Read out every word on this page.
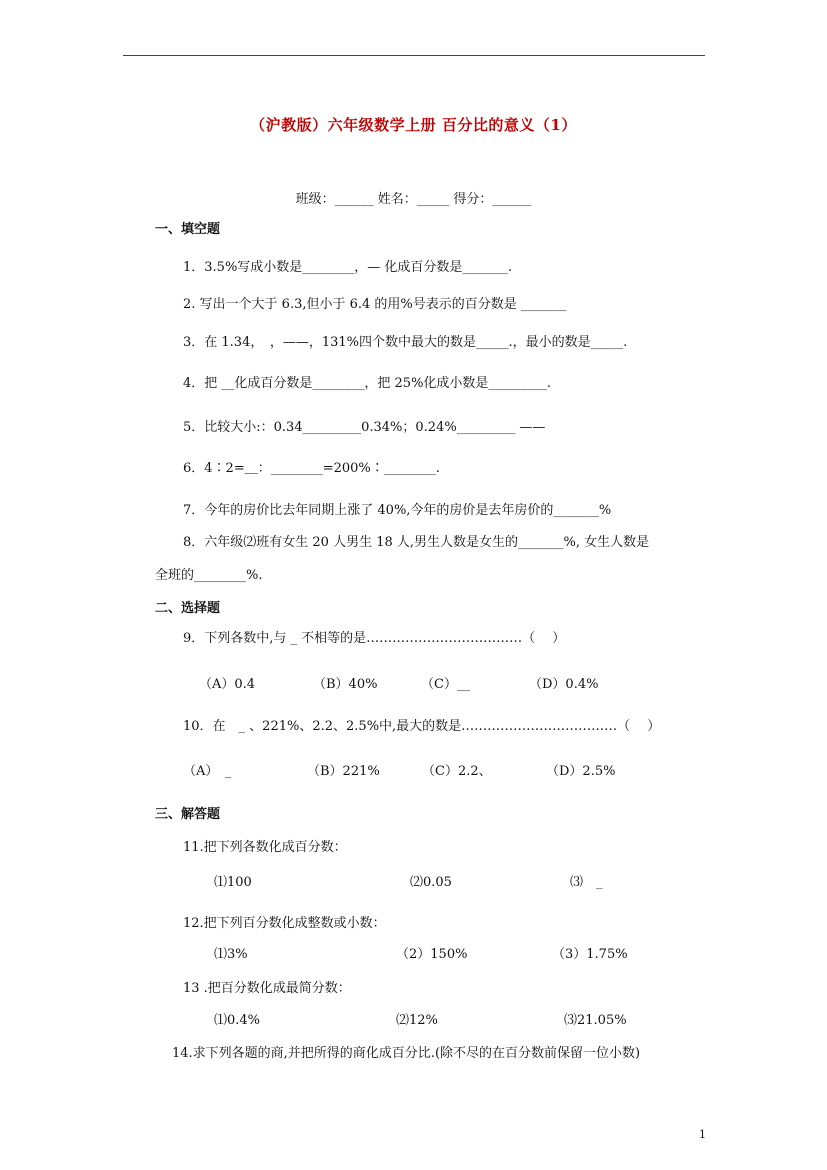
（沪教版）六年级数学上册 百分比的意义（1）
班级：______ 姓名：_____ 得分：______
一、填空题
1．3.5%写成小数是________，— 化成百分数是_______.
2. 写出一个大于 6.3,但小于 6.4 的用%号表示的百分数是 _______
3．在 1.34，　，——，131%四个数中最大的数是_____.，最小的数是_____.
4．把 __化成百分数是________，把 25%化成小数是_________.
5．比较大小:：0.34_________0.34%；0.24%_________ ——
6．4∶2=＿：________=200%∶________.
7．今年的房价比去年同期上涨了 40%,今年的房价是去年房价的_______%
8．六年级⑵班有女生 20 人男生 18 人,男生人数是女生的_______%, 女生人数是
全班的________%.
二、选择题
9．下列各数中,与 _ 不相等的是………………………………（　 ）
（A）0.4	（B）40%	（C）__	（D）0.4%
10．在　_ 、221%、2.2、2.5%中,最大的数是………………………………（　 ）
（A）　_	（B）221%	（C）2.2、	（D）2.5%
三、解答题
11.把下列各数化成百分数：
⑴100	⑵0.05	⑶　_
12.把下列百分数化成整数或小数：
⑴3%	（2）150%	（3）1.75%
13 .把百分数化成最简分数：
⑴0.4%	⑵12%	⑶21.05%
14.求下列各题的商,并把所得的商化成百分比.(除不尽的在百分数前保留一位小数)
1
